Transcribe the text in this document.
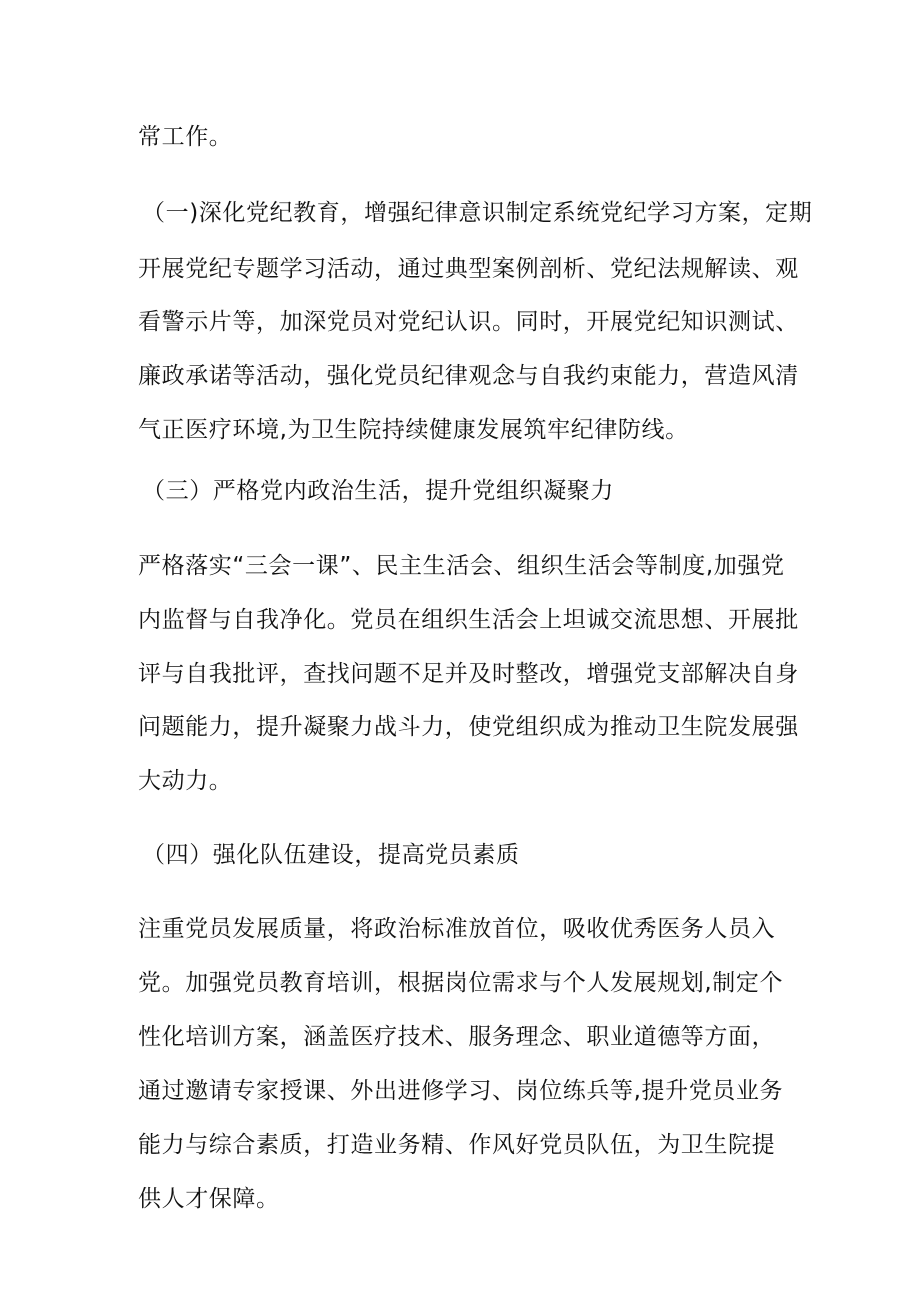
常工作。
（一)深化党纪教育，增强纪律意识制定系统党纪学习方案，定期
开展党纪专题学习活动，通过典型案例剖析、党纪法规解读、观
看警示片等，加深党员对党纪认识。同时，开展党纪知识测试、
廉政承诺等活动，强化党员纪律观念与自我约束能力，营造风清
气正医疗环境,为卫生院持续健康发展筑牢纪律防线。
（三）严格党内政治生活，提升党组织凝聚力
严格落实“三会一课”、民主生活会、组织生活会等制度,加强党
内监督与自我净化。党员在组织生活会上坦诚交流思想、开展批
评与自我批评，查找问题不足并及时整改，增强党支部解决自身
问题能力，提升凝聚力战斗力，使党组织成为推动卫生院发展强
大动力。
（四）强化队伍建设，提高党员素质
注重党员发展质量，将政治标准放首位，吸收优秀医务人员入
党。加强党员教育培训，根据岗位需求与个人发展规划,制定个
性化培训方案，涵盖医疗技术、服务理念、职业道德等方面，
通过邀请专家授课、外出进修学习、岗位练兵等,提升党员业务
能力与综合素质，打造业务精、作风好党员队伍，为卫生院提
供人才保障。
